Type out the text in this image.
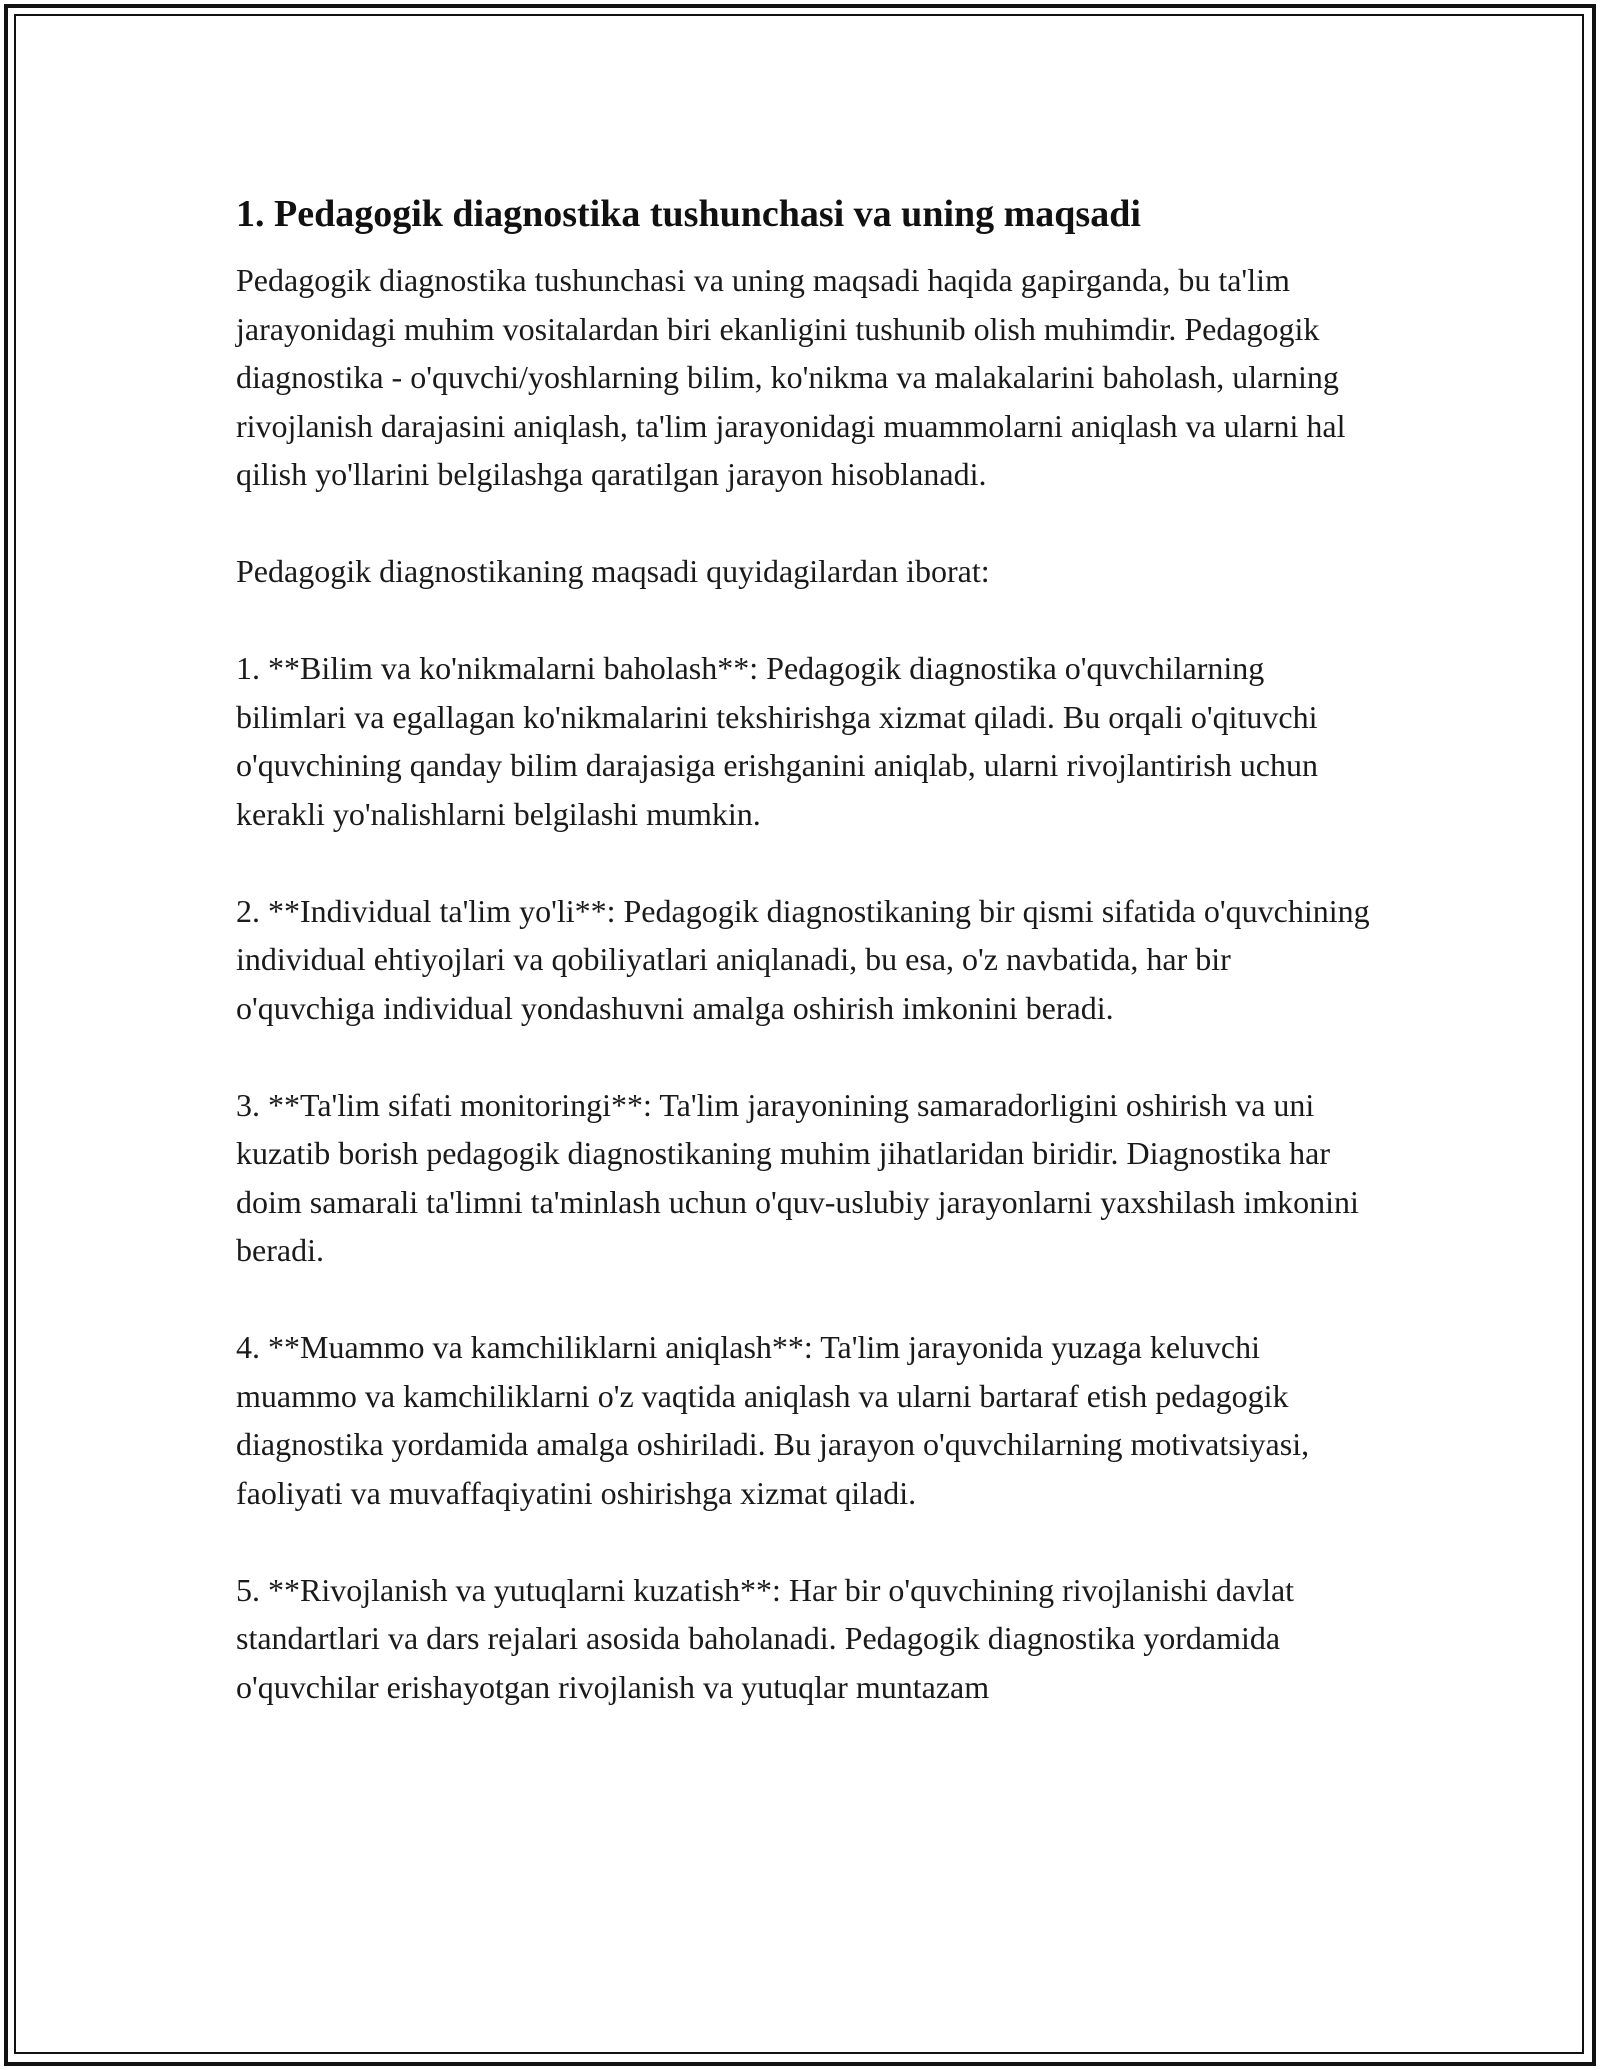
1. Pedagogik diagnostika tushunchasi va uning maqsadi

Pedagogik diagnostika tushunchasi va uning maqsadi haqida gapirganda, bu ta'lim jarayonidagi muhim vositalardan biri ekanligini tushunib olish muhimdir. Pedagogik diagnostika - o'quvchi/yoshlarning bilim, ko'nikma va malakalarini baholash, ularning rivojlanish darajasini aniqlash, ta'lim jarayonidagi muammolarni aniqlash va ularni hal qilish yo'llarini belgilashga qaratilgan jarayon hisoblanadi.

Pedagogik diagnostikaning maqsadi quyidagilardan iborat:

1. **Bilim va ko'nikmalarni baholash**: Pedagogik diagnostika o'quvchilarning bilimlari va egallagan ko'nikmalarini tekshirishga xizmat qiladi. Bu orqali o'qituvchi o'quvchining qanday bilim darajasiga erishganini aniqlab, ularni rivojlantirish uchun kerakli yo'nalishlarni belgilashi mumkin.

2. **Individual ta'lim yo'li**: Pedagogik diagnostikaning bir qismi sifatida o'quvchining individual ehtiyojlari va qobiliyatlari aniqlanadi, bu esa, o'z navbatida, har bir o'quvchiga individual yondashuvni amalga oshirish imkonini beradi.

3. **Ta'lim sifati monitoringi**: Ta'lim jarayonining samaradorligini oshirish va uni kuzatib borish pedagogik diagnostikaning muhim jihatlaridan biridir. Diagnostika har doim samarali ta'limni ta'minlash uchun o'quv-uslubiy jarayonlarni yaxshilash imkonini beradi.

4. **Muammo va kamchiliklarni aniqlash**: Ta'lim jarayonida yuzaga keluvchi muammo va kamchiliklarni o'z vaqtida aniqlash va ularni bartaraf etish pedagogik diagnostika yordamida amalga oshiriladi. Bu jarayon o'quvchilarning motivatsiyasi, faoliyati va muvaffaqiyatini oshirishga xizmat qiladi.

5. **Rivojlanish va yutuqlarni kuzatish**: Har bir o'quvchining rivojlanishi davlat standartlari va dars rejalari asosida baholanadi. Pedagogik diagnostika yordamida o'quvchilar erishayotgan rivojlanish va yutuqlar muntazam
